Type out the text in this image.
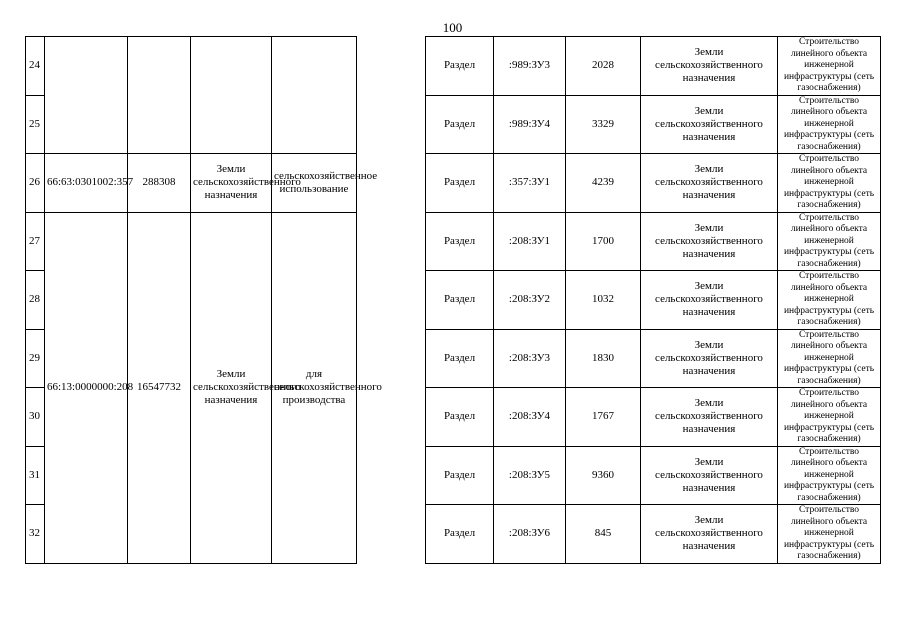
100
24						Раздел	:989:ЗУ3	2028	Земли сельскохозяйственного назначения	Строительство линейного объекта инженерной инфраструктуры (сеть газоснабжения)	
25						Раздел	:989:ЗУ4	3329	Земли сельскохозяйственного назначения	Строительство линейного объекта инженерной инфраструктуры (сеть газоснабжения)	
26	66:63:0301002:357	288308	Земли сельскохозяйственного назначения	сельскохозяйственное использование		Раздел	:357:ЗУ1	4239	Земли сельскохозяйственного назначения	Строительство линейного объекта инженерной инфраструктуры (сеть газоснабжения)	
27	66:13:0000000:208	16547732	Земли сельскохозяйственного назначения	для сельскохозяйственного производства		Раздел	:208:ЗУ1	1700	Земли сельскохозяйственного назначения	Строительство линейного объекта инженерной инфраструктуры (сеть газоснабжения)	
28						Раздел	:208:ЗУ2	1032	Земли сельскохозяйственного назначения	Строительство линейного объекта инженерной инфраструктуры (сеть газоснабжения)	
29						Раздел	:208:ЗУ3	1830	Земли сельскохозяйственного назначения	Строительство линейного объекта инженерной инфраструктуры (сеть газоснабжения)	
30						Раздел	:208:ЗУ4	1767	Земли сельскохозяйственного назначения	Строительство линейного объекта инженерной инфраструктуры (сеть газоснабжения)	
31						Раздел	:208:ЗУ5	9360	Земли сельскохозяйственного назначения	Строительство линейного объекта инженерной инфраструктуры (сеть газоснабжения)	
32						Раздел	:208:ЗУ6	845	Земли сельскохозяйственного назначения	Строительство линейного объекта инженерной инфраструктуры (сеть газоснабжения)	
